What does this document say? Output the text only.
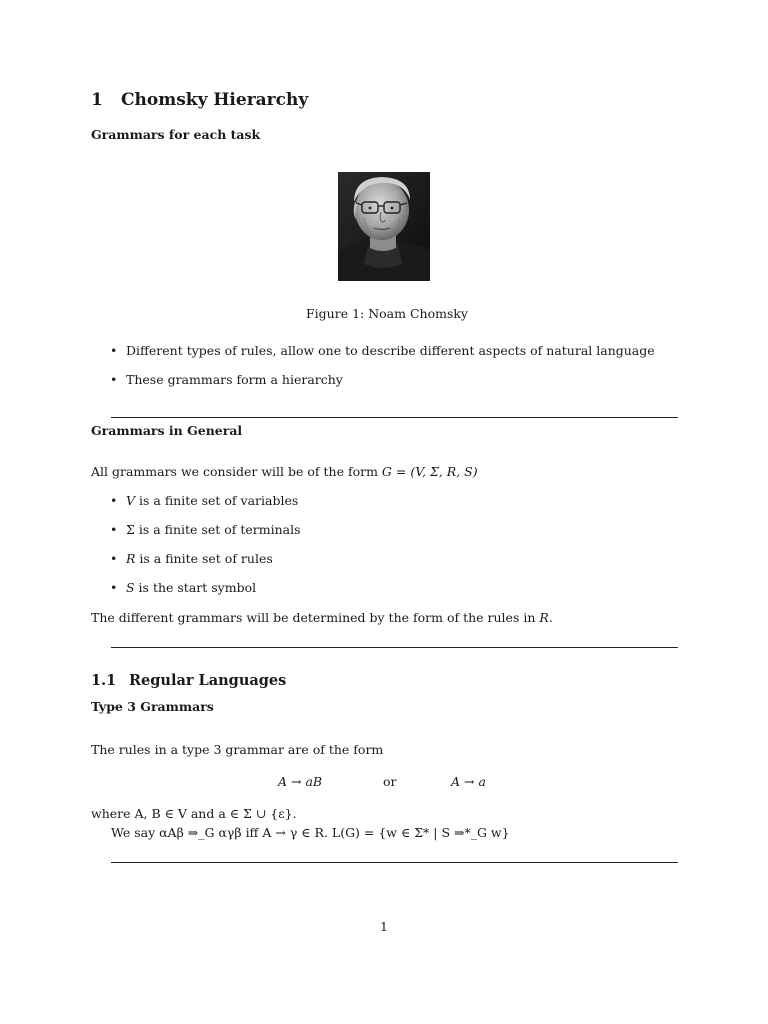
1 Chomsky Hierarchy
Grammars for each task
Figure 1: Noam Chomsky
• Different types of rules, allow one to describe different aspects of natural language
• These grammars form a hierarchy
Grammars in General
All grammars we consider will be of the form G = (V, Σ, R, S)
• V is a finite set of variables
• Σ is a finite set of terminals
• R is a finite set of rules
• S is the start symbol
The different grammars will be determined by the form of the rules in R.
1.1 Regular Languages
Type 3 Grammars
The rules in a type 3 grammar are of the form
A → aB	or	A → a
where A, B ∈ V and a ∈ Σ ∪ {ε}.
We say αAβ ⇒_G αγβ iff A → γ ∈ R. L(G) = {w ∈ Σ* | S ⇒*_G w}
1
